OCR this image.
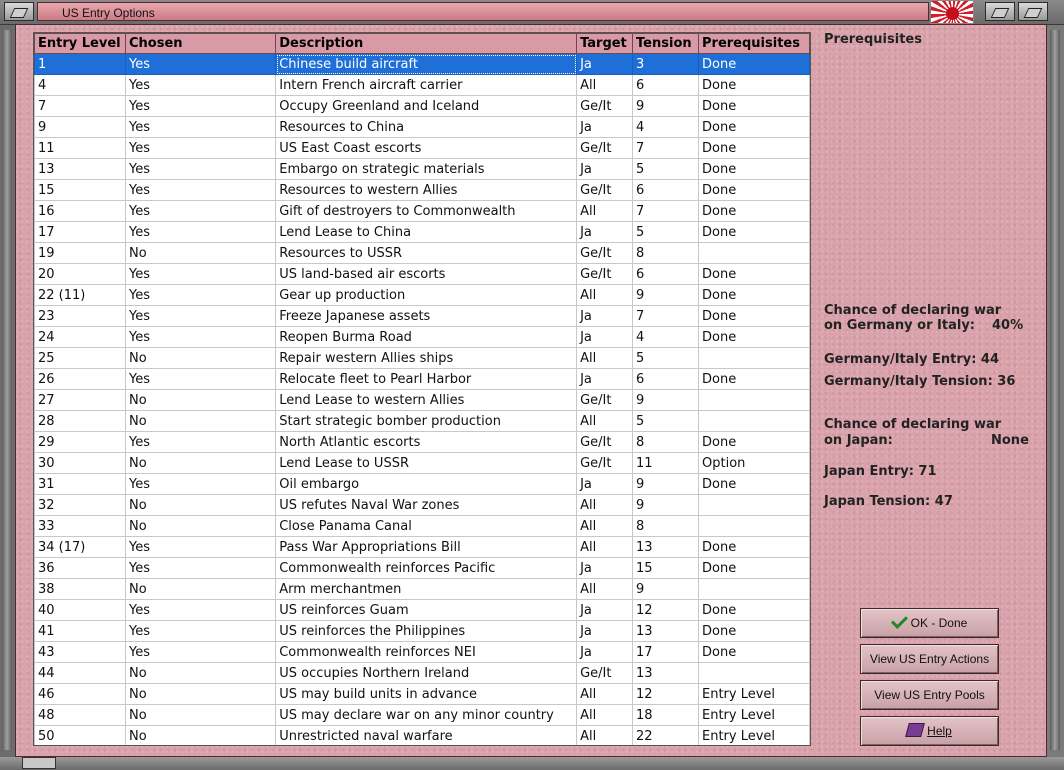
US Entry Options
Entry Level	Chosen	Description	Target	Tension	Prerequisites
1	Yes	Chinese build aircraft	Ja	3	Done
4	Yes	Intern French aircraft carrier	All	6	Done
7	Yes	Occupy Greenland and Iceland	Ge/It	9	Done
9	Yes	Resources to China	Ja	4	Done
11	Yes	US East Coast escorts	Ge/It	7	Done
13	Yes	Embargo on strategic materials	Ja	5	Done
15	Yes	Resources to western Allies	Ge/It	6	Done
16	Yes	Gift of destroyers to Commonwealth	All	7	Done
17	Yes	Lend Lease to China	Ja	5	Done
19	No	Resources to USSR	Ge/It	8	
20	Yes	US land-based air escorts	Ge/It	6	Done
22 (11)	Yes	Gear up production	All	9	Done
23	Yes	Freeze Japanese assets	Ja	7	Done
24	Yes	Reopen Burma Road	Ja	4	Done
25	No	Repair western Allies ships	All	5	
26	Yes	Relocate fleet to Pearl Harbor	Ja	6	Done
27	No	Lend Lease to western Allies	Ge/It	9	
28	No	Start strategic bomber production	All	5	
29	Yes	North Atlantic escorts	Ge/It	8	Done
30	No	Lend Lease to USSR	Ge/It	11	Option
31	Yes	Oil embargo	Ja	9	Done
32	No	US refutes Naval War zones	All	9	
33	No	Close Panama Canal	All	8	
34 (17)	Yes	Pass War Appropriations Bill	All	13	Done
36	Yes	Commonwealth reinforces Pacific	Ja	15	Done
38	No	Arm merchantmen	All	9	
40	Yes	US reinforces Guam	Ja	12	Done
41	Yes	US reinforces the Philippines	Ja	13	Done
43	Yes	Commonwealth reinforces NEI	Ja	17	Done
44	No	US occupies Northern Ireland	Ge/It	13	
46	No	US may build units in advance	All	12	Entry Level
48	No	US may declare war on any minor country	All	18	Entry Level
50	No	Unrestricted naval warfare	All	22	Entry Level
Prerequisites
Chance of declaring war
on Germany or Italy: 40%
Germany/Italy Entry: 44
Germany/Italy Tension: 36
Chance of declaring war
on Japan:	None
Japan Entry: 71
Japan Tension: 47
OK - Done
View US Entry Actions
View US Entry Pools
Help
